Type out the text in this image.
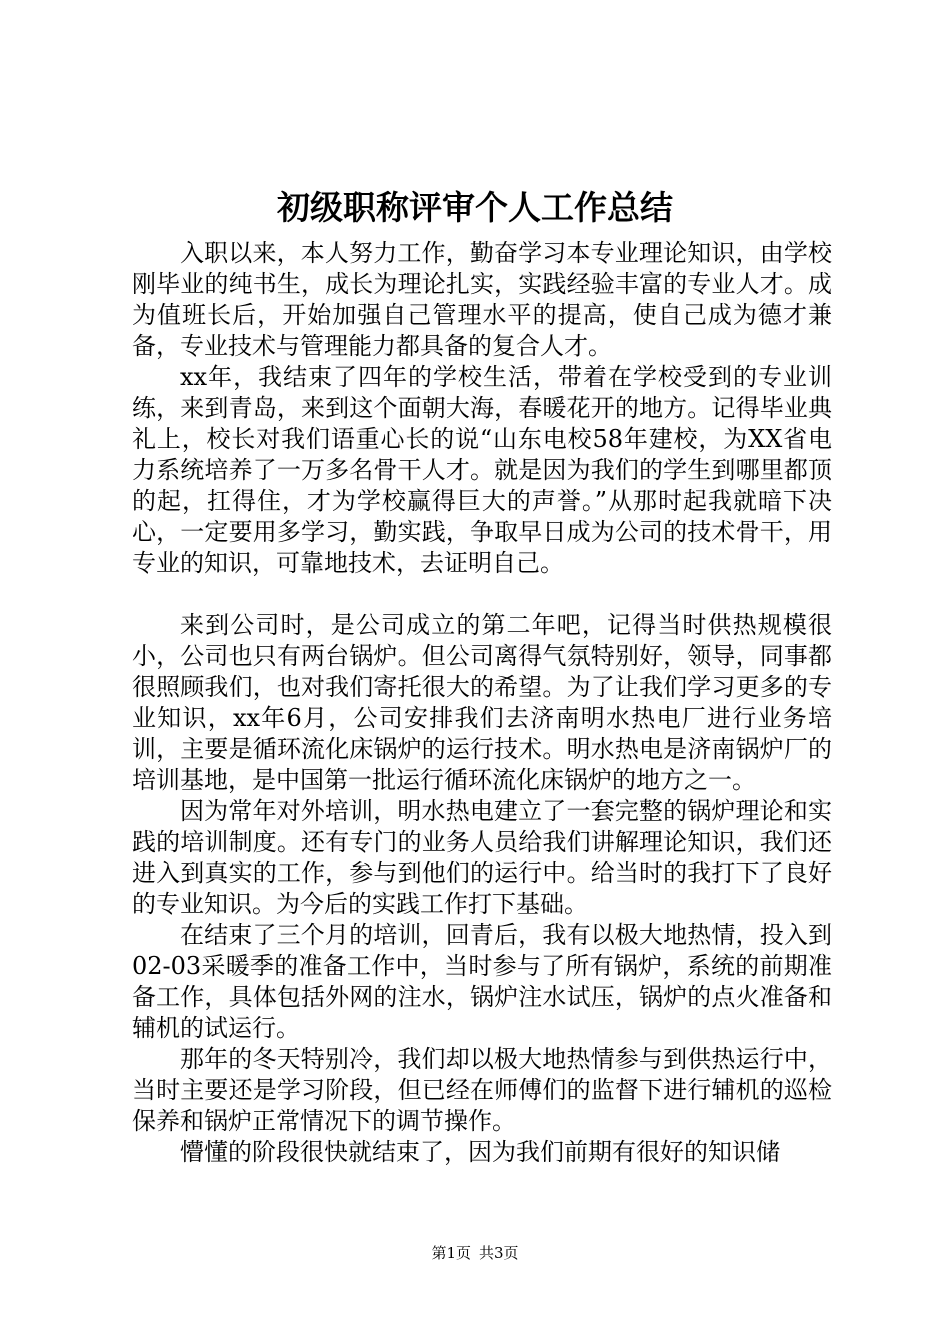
初级职称评审个人工作总结

入职以来，本人努力工作，勤奋学习本专业理论知识，由学校刚毕业的纯书生，成长为理论扎实，实践经验丰富的专业人才。成为值班长后，开始加强自己管理水平的提高，使自己成为德才兼备，专业技术与管理能力都具备的复合人才。

xx年，我结束了四年的学校生活，带着在学校受到的专业训练，来到青岛，来到这个面朝大海，春暖花开的地方。记得毕业典礼上，校长对我们语重心长的说“山东电校58年建校，为XX省电力系统培养了一万多名骨干人才。就是因为我们的学生到哪里都顶的起，扛得住，才为学校赢得巨大的声誉。”从那时起我就暗下决心，一定要用多学习，勤实践，争取早日成为公司的技术骨干，用专业的知识，可靠地技术，去证明自己。

来到公司时，是公司成立的第二年吧，记得当时供热规模很小，公司也只有两台锅炉。但公司离得气氛特别好，领导，同事都很照顾我们，也对我们寄托很大的希望。为了让我们学习更多的专业知识，xx年6月，公司安排我们去济南明水热电厂进行业务培训，主要是循环流化床锅炉的运行技术。明水热电是济南锅炉厂的培训基地，是中国第一批运行循环流化床锅炉的地方之一。

因为常年对外培训，明水热电建立了一套完整的锅炉理论和实践的培训制度。还有专门的业务人员给我们讲解理论知识，我们还进入到真实的工作，参与到他们的运行中。给当时的我打下了良好的专业知识。为今后的实践工作打下基础。

在结束了三个月的培训，回青后，我有以极大地热情，投入到02-03采暖季的准备工作中，当时参与了所有锅炉，系统的前期准备工作，具体包括外网的注水，锅炉注水试压，锅炉的点火准备和辅机的试运行。

那年的冬天特别冷，我们却以极大地热情参与到供热运行中，当时主要还是学习阶段，但已经在师傅们的监督下进行辅机的巡检保养和锅炉正常情况下的调节操作。

懵懂的阶段很快就结束了，因为我们前期有很好的知识储

第1页 共3页
